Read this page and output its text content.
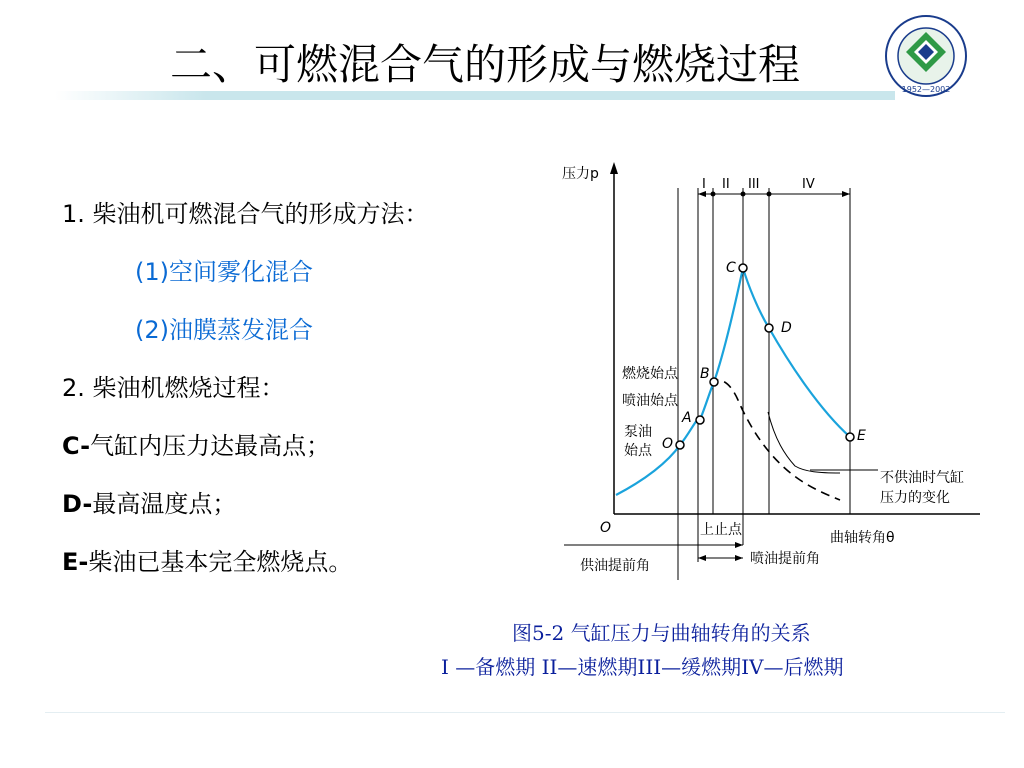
二、可燃混合气的形成与燃烧过程
1952—2002
1. 柴油机可燃混合气的形成方法：
(1)空间雾化混合
(2)油膜蒸发混合
2. 柴油机燃烧过程：
C-气缸内压力达最高点；
D-最高温度点；
E-柴油已基本完全燃烧点。
压力p
O
曲轴转角θ
I II III	IV
C
D
B
A
O	E
燃烧始点
喷油始点
泵油
始点
不供油时气缸
压力的变化
上止点
供油提前角	喷油提前角
图5-2 气缸压力与曲轴转角的关系
I —备燃期 II—速燃期III—缓燃期IV—后燃期
